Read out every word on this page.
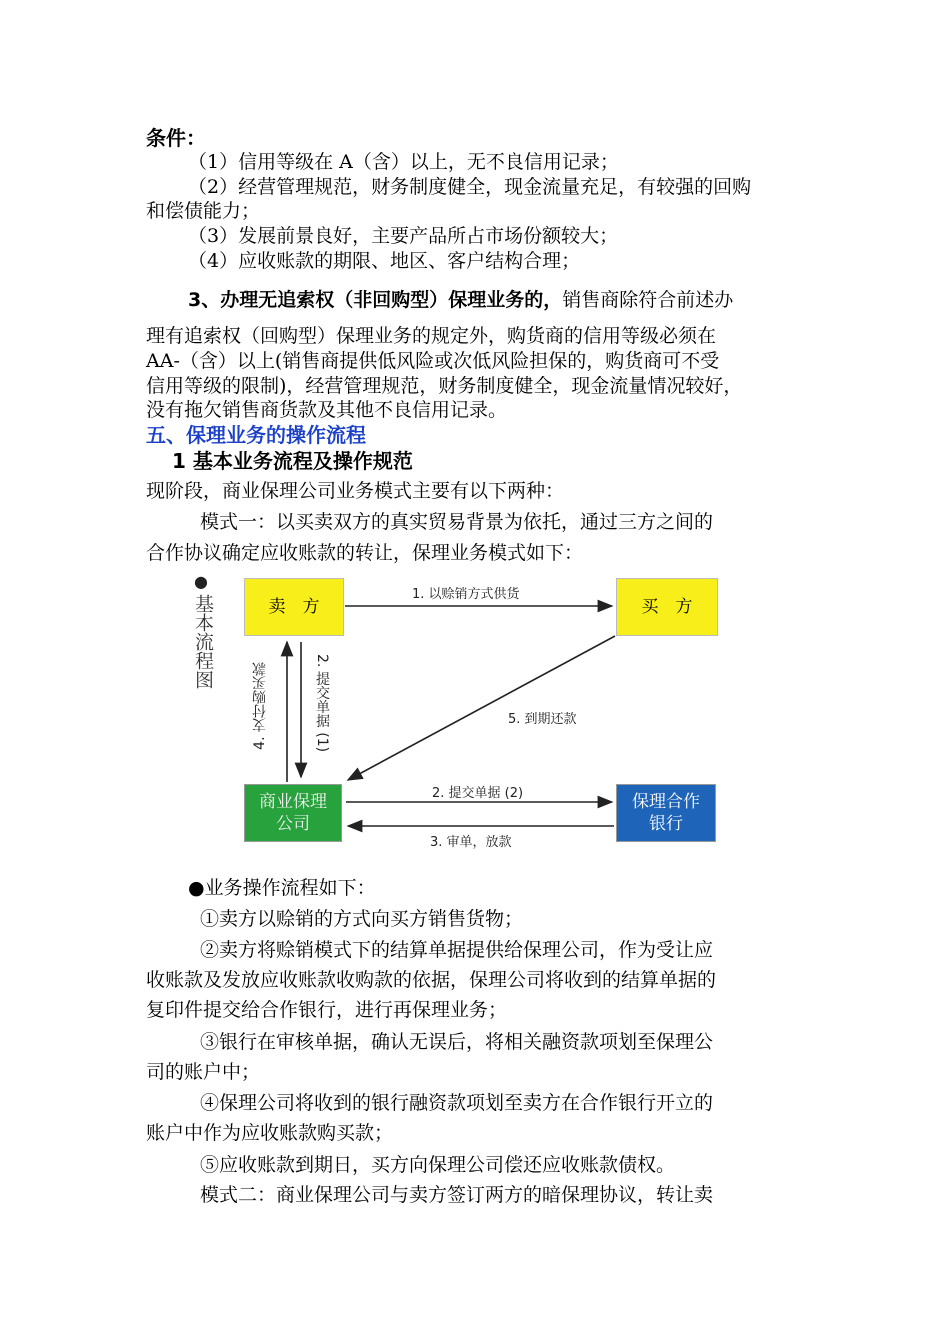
条件：
（1）信用等级在 A（含）以上，无不良信用记录；
（2）经营管理规范，财务制度健全，现金流量充足，有较强的回购
和偿债能力；
（3）发展前景良好，主要产品所占市场份额较大；
（4）应收账款的期限、地区、客户结构合理；
3、办理无追索权（非回购型）保理业务的，销售商除符合前述办
理有追索权（回购型）保理业务的规定外，购货商的信用等级必须在
AA-（含）以上(销售商提供低风险或次低风险担保的，购货商可不受
信用等级的限制)，经营管理规范，财务制度健全，现金流量情况较好，
没有拖欠销售商货款及其他不良信用记录。
五、保理业务的操作流程
1 基本业务流程及操作规范
现阶段，商业保理公司业务模式主要有以下两种：
模式一：以买卖双方的真实贸易背景为依托，通过三方之间的
合作协议确定应收账款的转让，保理业务模式如下：
●
基本流程图	卖　方	买　方
商业保理公司
保理合作银行
1. 以赊销方式供货
2. 提交单据 (1)
4. 支付购买款	5. 到期还款
2. 提交单据 (2)
3. 审单，放款
●业务操作流程如下：
①卖方以赊销的方式向买方销售货物；
②卖方将赊销模式下的结算单据提供给保理公司，作为受让应
收账款及发放应收账款收购款的依据，保理公司将收到的结算单据的
复印件提交给合作银行，进行再保理业务；
③银行在审核单据，确认无误后，将相关融资款项划至保理公
司的账户中；
④保理公司将收到的银行融资款项划至卖方在合作银行开立的
账户中作为应收账款购买款；
⑤应收账款到期日，买方向保理公司偿还应收账款债权。
模式二：商业保理公司与卖方签订两方的暗保理协议，转让卖
